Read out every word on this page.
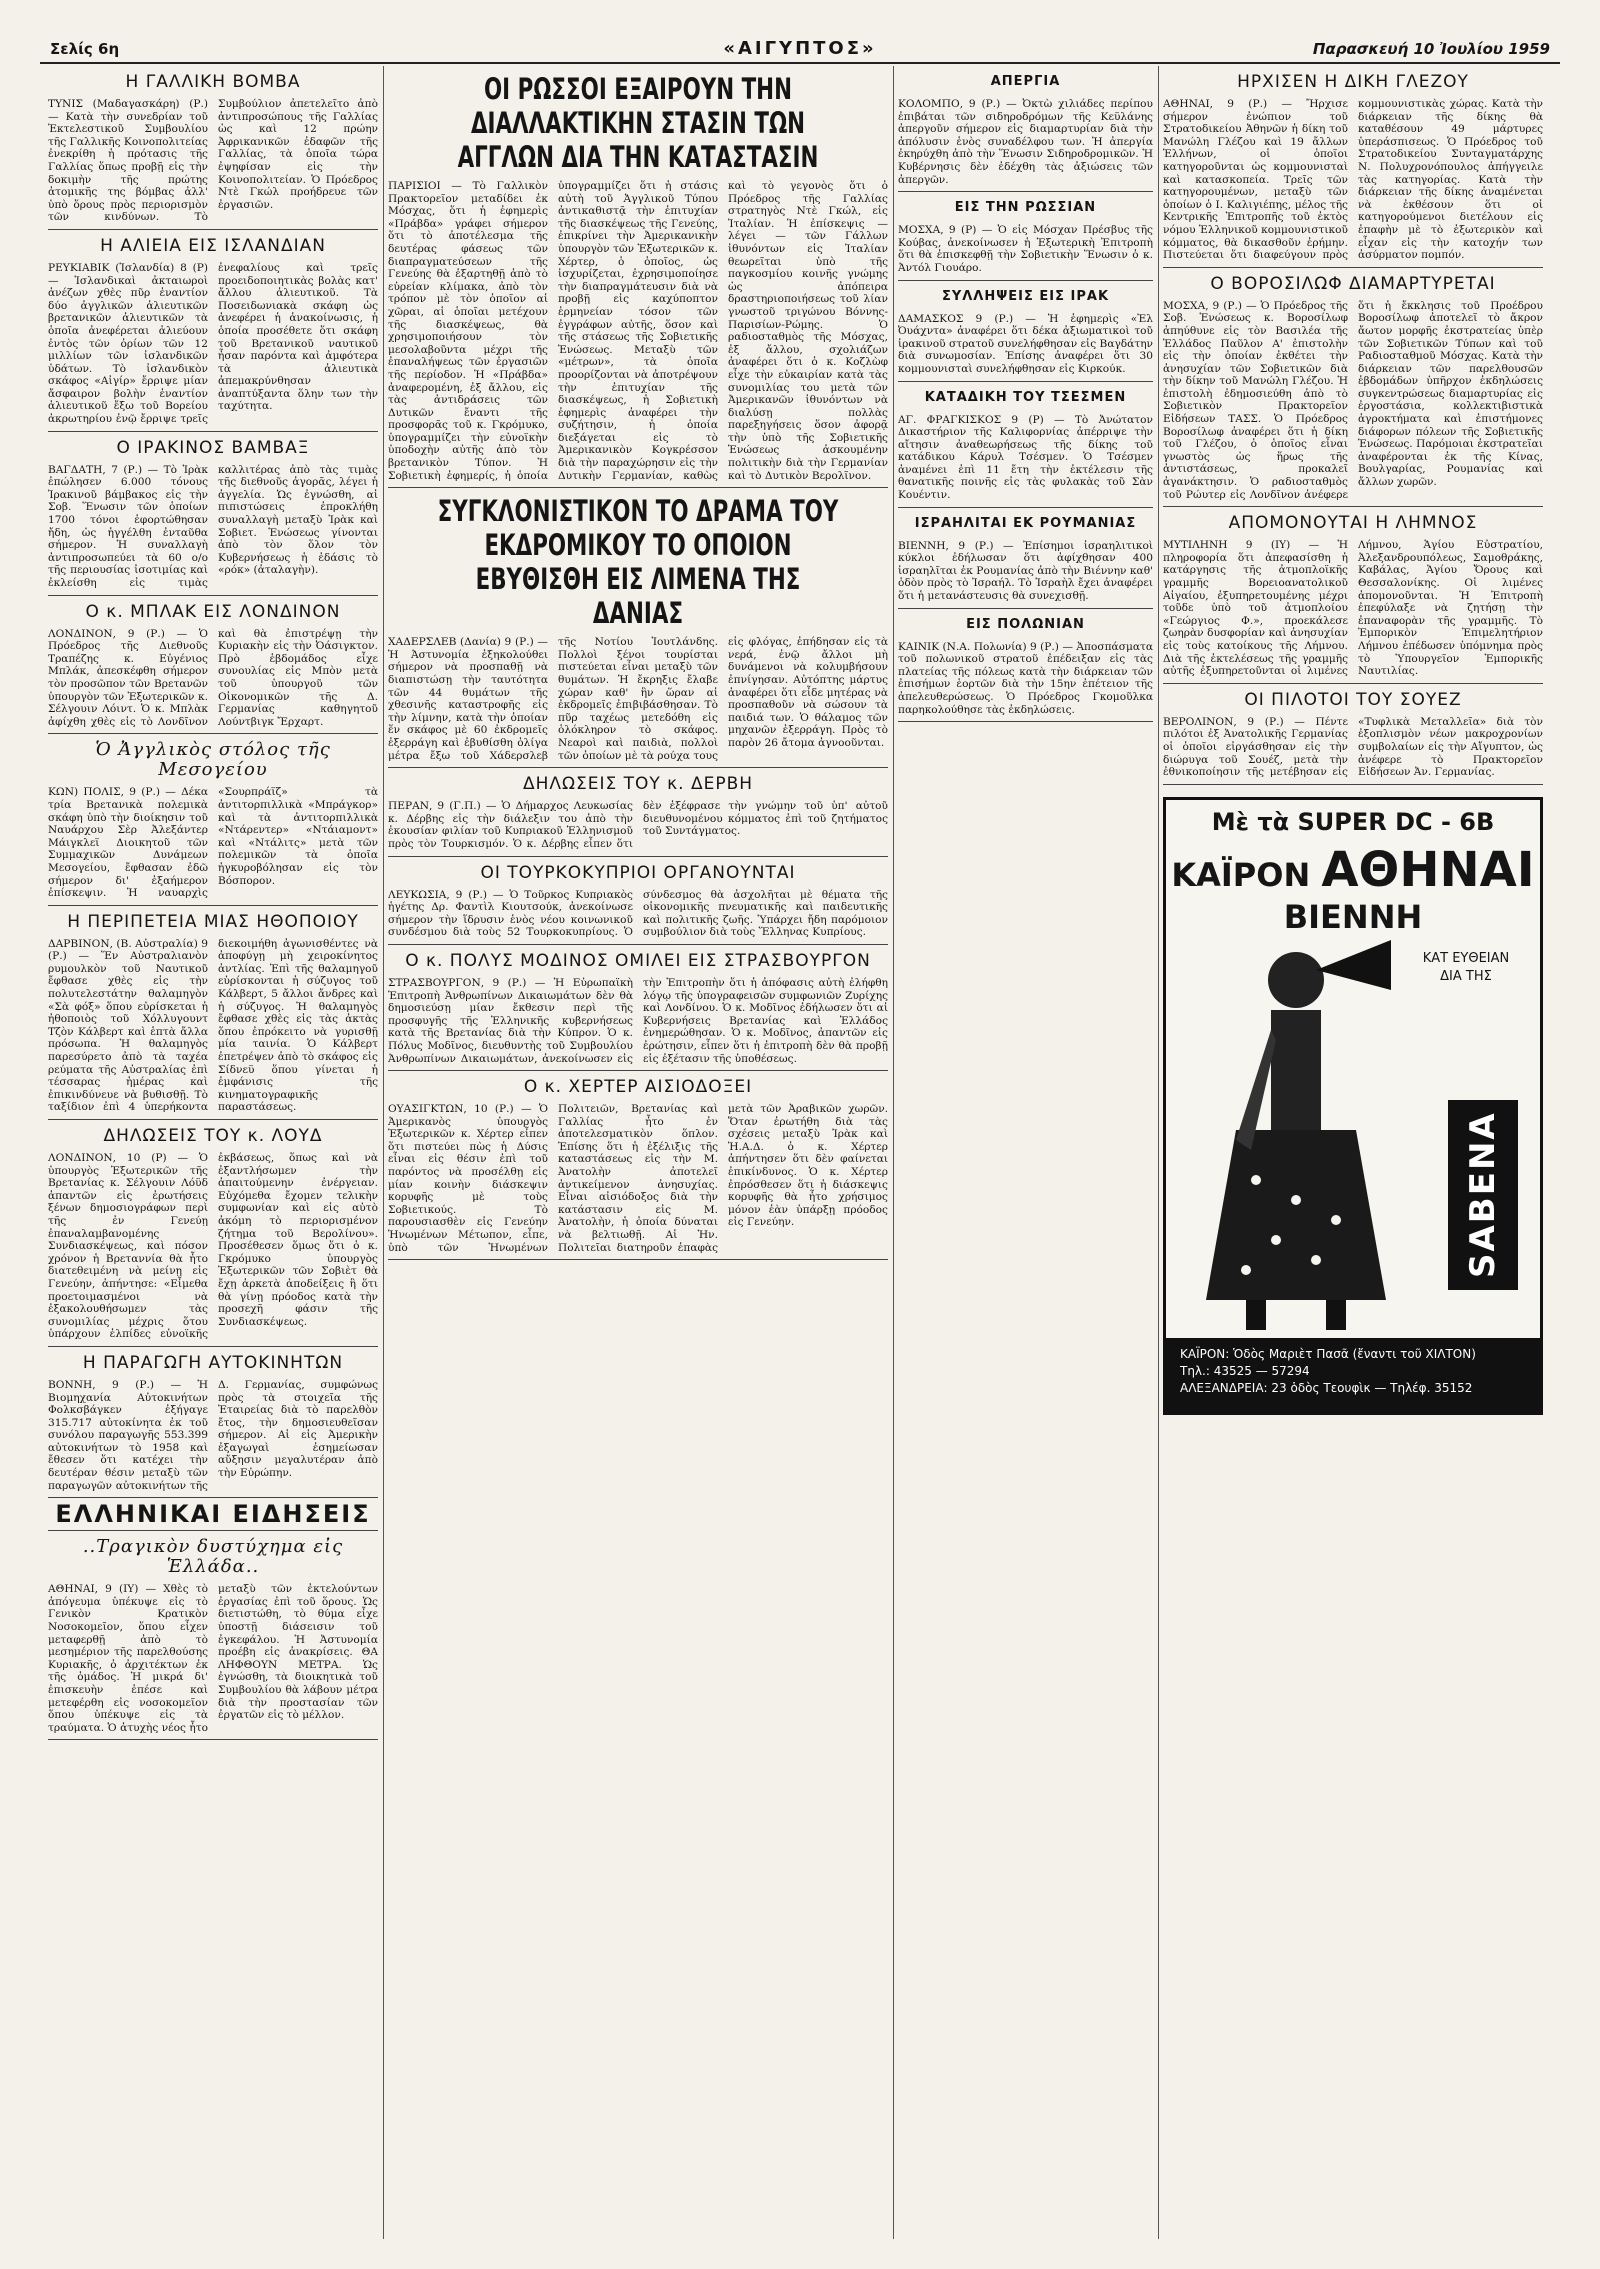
Σελίς 6η	«ΑΙΓΥΠΤΟΣ»	Παρασκευή 10 Ἰουλίου 1959
Η ΓΑΛΛΙΚΗ ΒΟΜΒΑ
ΤΥΝΙΣ (Μαδαγασκάρη) (Ρ.) — Κατὰ τὴν συνεδρίαν τοῦ Ἐκτελεστικοῦ Συμβουλίου τῆς Γαλλικῆς Κοινοπολιτείας ἐνεκρίθη ἡ πρότασις τῆς Γαλλίας ὅπως προβῇ εἰς τὴν δοκιμὴν τῆς πρώτης ἀτομικῆς της βόμβας ἀλλ' ὑπὸ ὅρους πρὸς περιορισμὸν τῶν κινδύνων. Τὸ Συμβούλιον ἀπετελεῖτο ἀπὸ ἀντιπροσώπους τῆς Γαλλίας ὡς καὶ 12 πρώην Ἀφρικανικῶν ἐδαφῶν τῆς Γαλλίας, τὰ ὁποῖα τώρα ἐψηφίσαν εἰς τὴν Κοινοπολιτείαν. Ὁ Πρόεδρος Ντὲ Γκώλ προήδρευε τῶν ἐργασιῶν.
Η ΑΛΙΕΙΑ ΕΙΣ ΙΣΛΑΝΔΙΑΝ
ΡΕΥΚΙΑΒΙΚ (Ἰσλανδία) 8 (Ρ) — Ἰσλανδικαὶ ἀκταιωροὶ ἀνέζων χθὲς πῦρ ἐναντίον δύο ἀγγλικῶν ἁλιευτικῶν βρετανικῶν ἁλιευτικῶν τὰ ὁποῖα ἀνεφέρεται ἁλιεύουν ἐντὸς τῶν ὁρίων τῶν 12 μιλλίων τῶν ἰσλανδικῶν ὑδάτων. Τὸ ἰσλανδικὸν σκάφος «Αἰγίρ» ἔρριψε μίαν ἄσφαιρον βολὴν ἐναντίον ἁλιευτικοῦ ἔξω τοῦ Βορείου ἀκρωτηρίου ἐνῷ ἔρριψε τρεῖς ἐνεφαλίους καὶ τρεῖς προειδοποιητικὰς βολὰς κατ' ἄλλου ἁλιευτικοῦ. Τὰ Ποσειδωνιακὰ σκάφη ὡς ἀνεφέρει ἡ ἀνακοίνωσις, ἡ ὁποία προσέθετε ὅτι σκάφη τοῦ Βρετανικοῦ ναυτικοῦ ἦσαν παρόντα καὶ ἀμφότερα τὰ ἁλιευτικὰ ἀπεμακρύνθησαν ἀναπτύξαντα ὅλην των τὴν ταχύτητα.
Ο ΙΡΑΚΙΝΟΣ ΒΑΜΒΑΞ
ΒΑΓΔΑΤΗ, 7 (Ρ.) — Τὸ Ἰρὰκ ἐπώλησεν 6.000 τόνους Ἰρακινοῦ βάμβακος εἰς τὴν Σοβ. Ἕνωσιν τῶν ὁποίων 1700 τόνοι ἐφορτώθησαν ἤδη, ὡς ἡγγέλθη ἐνταῦθα σήμερον. Ἡ συναλλαγὴ ἀντιπροσωπεύει τὰ 60 ο/ο τῆς περιουσίας ἰσοτιμίας καὶ ἐκλείσθη εἰς τιμὰς καλλιτέρας ἀπὸ τὰς τιμὰς τῆς διεθνοῦς ἀγορᾶς, λέγει ἡ ἀγγελία. Ὡς ἐγνώσθη, αἱ πιπιστώσεις ἐπροκλήθη συναλλαγὴ μεταξὺ Ἰρὰκ καὶ Σοβιετ. Ἑνώσεως γίνονται ἀπὸ τὸν ὅλον τὸν Κυβερνήσεως ἡ ἐδάσις τὸ «ρόκ» (ἀταλαγὴν).
Ο κ. ΜΠΛΑΚ ΕΙΣ ΛΟΝΔΙΝΟΝ
ΛΟΝΔΙΝΟΝ, 9 (Ρ.) — Ὁ Πρόεδρος τῆς Διεθνοῦς Τραπέζης κ. Εὐγένιος Μπλάκ, ἀπεσκέφθη σήμερον τὸν προσῶπον τῶν Βρετανῶν ὑπουργὸν τῶν Ἐξωτερικῶν κ. Σέλγουιν Λόιντ. Ὁ κ. Μπλὰκ ἀφίχθη χθὲς εἰς τὸ Λονδῖνον καὶ θὰ ἐπιστρέψῃ τὴν Κυριακὴν εἰς τὴν Ὀάσιγκτον. Πρὸ ἑβδομάδος εἶχε συνουλίας εἰς Μπὸν μετὰ τοῦ ὑπουργοῦ τῶν Οἰκονομικῶν τῆς Δ. Γερμανίας καθηγητοῦ Λούντβιγκ Ἔρχαρτ.
Ὁ Ἀγγλικὸς στόλος τῆς Μεσογείου
ΚΩΝ) ΠΟΛΙΣ, 9 (Ρ.) — Δέκα τρία Βρετανικὰ πολεμικὰ σκάφη ὑπὸ τὴν διοίκησιν τοῦ Ναυάρχου Σὲρ Ἀλεξάντερ Μάιγκλεϊ Διοικητοῦ τῶν Συμμαχικῶν Δυνάμεων Μεσογείου, ἔφθασαν ἐδῶ σήμερον δι' ἐξαήμερον ἐπίσκεψιν. Ἡ ναυαρχὶς «Σουρπράϊζ» τὰ ἀντιτορπιλλικὰ «Μπράγκορ» καὶ τὰ ἀντιτορπιλλικὰ «Ντάρεντερ» «Ντάιαμοντ» καὶ «Ντάλιτς» μετὰ τῶν πολεμικῶν τὰ ὁποῖα ἠγκυροβόλησαν εἰς τὸν Βόσπορον.
Η ΠΕΡΙΠΕΤΕΙΑ ΜΙΑΣ ΗΘΟΠΟΙΟΥ
ΔΑΡΒΙΝΟΝ, (Β. Αὐστραλία) 9 (Ρ.) — Ἕν Αὐστραλιανὸν ρυμουλκὸν τοῦ Ναυτικοῦ ἔφθασε χθὲς εἰς τὴν πολυτελεστάτην θαλαμηγὸν «Σὰ φόξ» ὅπου εὑρίσκεται ἡ ἠθοποιὸς τοῦ Χόλλυγουντ Τζὸν Κάλβερτ καὶ ἑπτὰ ἄλλα πρόσωπα. Ἡ θαλαμηγὸς παρεσύρετο ἀπὸ τὰ ταχέα ρεύματα τῆς Αὐστραλίας ἐπὶ τέσσαρας ἡμέρας καὶ ἐπικινδύνευε νὰ βυθισθῇ. Τὸ ταξίδιον ἐπὶ 4 ὑπερήκοντα διεκοιμήθη ἀγωνισθέντες νὰ ἀποφύγῃ μὴ χειροκίνητος ἀντλίας. Ἐπὶ τῆς θαλαμηγοῦ εὑρίσκονται ἡ σύζυγος τοῦ Κάλβερτ, 5 ἄλλοι ἄνδρες καὶ ἡ σύζυγος. Ἡ θαλαμηγὸς ἔφθασε χθὲς εἰς τὰς ἀκτὰς ὅπου ἐπρόκειτο νὰ γυρισθῇ μία ταινία. Ὁ Κάλβερτ ἐπετρέψεν ἀπὸ τὸ σκάφος εἰς Σίδνεϋ ὅπου γίνεται ἡ ἐμφάνισις τῆς κινηματογραφικῆς παραστάσεως.
ΔΗΛΩΣΕΙΣ ΤΟΥ κ. ΛΟΥΔ
ΛΟΝΔΙΝΟΝ, 10 (Ρ) — Ὁ ὑπουργὸς Ἐξωτερικῶν τῆς Βρετανίας κ. Σέλγουιν Λόϋδ ἀπαντῶν εἰς ἐρωτήσεις ξένων δημοσιογράφων περὶ τῆς ἐν Γενεύῃ ἐπαναλαμβανομένης Συνδιασκέψεως, καὶ πόσον χρόνον ἡ Βρεταννία θὰ ἦτο διατεθειμένη νὰ μείνῃ εἰς Γενεύην, ἀπήντησε: «Εἶμεθα προετοιμασμένοι νὰ ἐξακολουθήσωμεν τὰς συνομιλίας μέχρις ὅτου ὑπάρχουν ἐλπίδες εὐνοϊκῆς ἐκβάσεως, ὅπως καὶ νὰ ἐξαντλήσωμεν τὴν ἀπαιτούμενην ἐνέργειαν. Εὐχόμεθα ἔχομεν τελικὴν συμφωνίαν καὶ εἰς αὐτὸ ἀκόμη τὸ περιορισμένον ζήτημα τοῦ Βερολίνου». Προσέθεσεν ὅμως ὅτι ὁ κ. Γκρόμυκο ὑπουργὸς Ἐξωτερικῶν τῶν Σοβιὲτ θὰ ἔχῃ ἀρκετὰ ἀποδείξεις ἢ ὅτι θὰ γίνῃ πρόοδος κατὰ τὴν προσεχῆ φάσιν τῆς Συνδιασκέψεως.
Η ΠΑΡΑΓΩΓΗ ΑΥΤΟΚΙΝΗΤΩΝ
ΒΟΝΝΗ, 9 (Ρ.) — Ἡ Βιομηχανία Αὐτοκινήτων Φολκσβάγκεν ἐξήγαγε 315.717 αὐτοκίνητα ἐκ τοῦ συνόλου παραγωγῆς 553.399 αὐτοκινήτων τὸ 1958 καὶ ἔθεσεν ὅτι κατέχει τὴν δευτέραν θέσιν μεταξὺ τῶν παραγωγῶν αὐτοκινήτων τῆς Δ. Γερμανίας, συμφώνως πρὸς τὰ στοιχεῖα τῆς Ἐταιρείας διὰ τὸ παρελθὸν ἔτος, τὴν δημοσιευθεῖσαν σήμερον. Αἱ εἰς Ἀμερικὴν ἐξαγωγαὶ ἐσημείωσαν αὔξησιν μεγαλυτέραν ἀπὸ τὴν Εὐρώπην.
ΕΛΛΗΝΙΚΑΙ ΕΙΔΗΣΕΙΣ
..Τραγικὸν δυστύχημα εἰς Ἑλλάδα..
ΑΘΗΝΑΙ, 9 (ΙΥ) — Χθὲς τὸ ἀπόγευμα ὑπέκυψε εἰς τὸ Γενικὸν Κρατικὸν Νοσοκομεῖον, ὅπου εἶχεν μεταφερθῇ ἀπὸ τὸ μεσημέριον τῆς παρελθούσης Κυριακῆς, ὁ ἀρχιτέκτων ἐκ τῆς ὁμάδος. Ἡ μικρά δι' ἐπισκευὴν ἐπέσε καὶ μετεφέρθη εἰς νοσοκομεῖον ὅπου ὑπέκυψε εἰς τὰ τραύματα. Ὁ ἀτυχὴς νέος ἦτο μεταξὺ τῶν ἐκτελούντων ἐργασίας ἐπὶ τοῦ ὅρους. Ὡς διετιστώθη, τὸ θύμα εἶχε ὑποστῇ διάσεισιν τοῦ ἐγκεφάλου. Ἡ Ἀστυνομία προέβη εἰς ἀνακρίσεις. ΘΑ ΛΗΦΘΟΥΝ ΜΕΤΡΑ. Ὡς ἐγνώσθη, τὰ διοικητικὰ τοῦ Συμβουλίου θὰ λάβουν μέτρα διὰ τὴν προστασίαν τῶν ἐργατῶν εἰς τὸ μέλλον.
ΟΙ ΡΩΣΣΟΙ ΕΞΑΙΡΟΥΝ ΤΗΝ ΔΙΑΛΛΑΚΤΙΚΗΝ ΣΤΑΣΙΝ ΤΩΝ ΑΓΓΛΩΝ ΔΙΑ ΤΗΝ ΚΑΤΑΣΤΑΣΙΝ
ΠΑΡΙΣΙΟΙ — Τὸ Γαλλικὸν Πρακτορεῖον μεταδίδει ἐκ Μόσχας, ὅτι ἡ ἐφημερὶς «Πράβδα» γράφει σήμερον ὅτι τὸ ἀποτέλεσμα τῆς δευτέρας φάσεως τῶν διαπραγματεύσεων τῆς Γενεύης θὰ ἐξαρτηθῇ ἀπὸ τὸ εὐρείαν κλίμακα, ἀπὸ τὸν τρόπον μὲ τὸν ὁποῖον αἱ χῶραι, αἱ ὁποῖαι μετέχουν τῆς διασκέψεως, θὰ χρησιμοποιήσουν τὸν μεσολαβοῦντα μέχρι τῆς ἐπαναλήψεως τῶν ἐργασιῶν τῆς περίοδον. Ἡ «Πράβδα» ἀναφερομένη, ἐξ ἄλλου, εἰς τὰς ἀντιδράσεις τῶν Δυτικῶν ἔναντι τῆς προσφορᾶς τοῦ κ. Γκρόμυκο, ὑπογραμμίζει τὴν εὐνοϊκὴν ὑποδοχὴν αὐτῆς ἀπὸ τὸν βρετανικὸν Τύπον. Ἡ Σοβιετικὴ ἐφημερίς, ἡ ὁποία ὑπογραμμίζει ὅτι ἡ στάσις αὐτὴ τοῦ Ἀγγλικοῦ Τύπου ἀντικαθιστᾷ τὴν ἐπιτυχίαν τῆς διασκέψεως τῆς Γενεύης, ἐπικρίνει τὴν Ἀμερικανικὴν ὑπουργὸν τῶν Ἐξωτερικῶν κ. Χέρτερ, ὁ ὁποῖος, ὡς ἰσχυρίζεται, ἐχρησιμοποίησε τὴν διαπραγμάτευσιν διὰ νὰ προβῇ εἰς καχύποπτον ἑρμηνείαν τόσον τῶν ἐγγράφων αὐτῆς, ὅσον καὶ τῆς στάσεως τῆς Σοβιετικῆς Ἑνώσεως. Μεταξὺ τῶν «μέτρων», τὰ ὁποῖα προορίζονται νὰ ἀποτρέψουν τὴν ἐπιτυχίαν τῆς διασκέψεως, ἡ Σοβιετικὴ ἐφημερὶς ἀναφέρει τὴν συζήτησιν, ἡ ὁποία διεξάγεται εἰς τὸ Ἀμερικανικὸν Κογκρέσσον διὰ τὴν παραχώρησιν εἰς τὴν Δυτικὴν Γερμανίαν, καθὼς καὶ τὸ γεγονὸς ὅτι ὁ Πρόεδρος τῆς Γαλλίας στρατηγὸς Ντὲ Γκώλ, εἰς Ἰταλίαν. Ἡ ἐπίσκεψις — λέγει — τῶν Γάλλων ἰθυνόντων εἰς Ἰταλίαν θεωρεῖται ὑπὸ τῆς παγκοσμίου κοινῆς γνώμης ὡς ἀπόπειρα δραστηριοποιήσεως τοῦ λίαν γνωστοῦ τριγώνου Βόννης-Παρισίων-Ρώμης. Ὁ ραδιοσταθμὸς τῆς Μόσχας, ἐξ ἄλλου, σχολιάζων ἀναφέρει ὅτι ὁ κ. Κοζλὼφ εἶχε τὴν εὐκαιρίαν κατὰ τὰς συνομιλίας του μετὰ τῶν Ἀμερικανῶν ἰθυνόντων νὰ διαλύσῃ πολλὰς παρεξηγήσεις ὅσον ἀφορᾷ τὴν ὑπὸ τῆς Σοβιετικῆς Ἑνώσεως ἀσκουμένην πολιτικὴν διὰ τὴν Γερμανίαν καὶ τὸ Δυτικὸν Βερολῖνον.
ΣΥΓΚΛΟΝΙΣΤΙΚΟΝ ΤΟ ΔΡΑΜΑ ΤΟΥ ΕΚΔΡΟΜΙΚΟΥ ΤΟ ΟΠΟΙΟΝ ΕΒΥΘΙΣΘΗ ΕΙΣ ΛΙΜΕΝΑ ΤΗΣ ΔΑΝΙΑΣ
ΧΑΔΕΡΣΛΕΒ (Δανία) 9 (Ρ.) — Ἡ Ἀστυνομία ἐξηκολούθει σήμερον νὰ προσπαθῇ νὰ διαπιστώσῃ τὴν ταυτότητα τῶν 44 θυμάτων τῆς χθεσινῆς καταστροφῆς εἰς τὴν λίμνην, κατὰ τὴν ὁποίαν ἕν σκάφος μὲ 60 ἐκδρομεῖς ἐξερράγη καὶ ἐβυθίσθη ὀλίγα μέτρα ἔξω τοῦ Χάδερσλεβ τῆς Νοτίου Ἰουτλάνδης. Πολλοὶ ξένοι τουρίσται πιστεύεται εἶναι μεταξὺ τῶν θυμάτων. Ἡ ἔκρηξις ἔλαβε χώραν καθ' ἣν ὥραν αἱ ἐκδρομεῖς ἐπιβιβάσθησαν. Τὸ πῦρ ταχέως μετεδόθη εἰς ὁλόκληρον τὸ σκάφος. Νεαροὶ καὶ παιδιὰ, πολλοὶ τῶν ὁποίων μὲ τὰ ρούχα τους εἰς φλόγας, ἐπήδησαν εἰς τὰ νερά, ἐνῷ ἄλλοι μὴ δυνάμενοι νὰ κολυμβήσουν ἐπνίγησαν. Αὐτόπτης μάρτυς ἀναφέρει ὅτι εἶδε μητέρας νὰ προσπαθοῦν νὰ σώσουν τὰ παιδιά των. Ὁ θάλαμος τῶν μηχανῶν ἐξερράγη. Πρὸς τὸ παρὸν 26 ἄτομα ἀγνοοῦνται.
ΔΗΛΩΣΕΙΣ ΤΟΥ κ. ΔΕΡΒΗ
ΠΕΡΑΝ, 9 (Γ.Π.) — Ὁ Δήμαρχος Λευκωσίας κ. Δέρβης εἰς τὴν διάλεξιν του ἀπὸ τὴν ἑκουσίαν φιλίαν τοῦ Κυπριακοῦ Ἑλληνισμοῦ πρὸς τὸν Τουρκισμόν. Ὁ κ. Δέρβης εἶπεν ὅτι δὲν ἐξέφρασε τὴν γνώμην τοῦ ὑπ' αὐτοῦ διευθυνομένου κόμματος ἐπὶ τοῦ ζητήματος τοῦ Συντάγματος.
ΟΙ ΤΟΥΡΚΟΚΥΠΡΙΟΙ ΟΡΓΑΝΟΥΝΤΑΙ
ΛΕΥΚΩΣΙΑ, 9 (Ρ.) — Ὁ Τοῦρκος Κυπριακὸς ἡγέτης Δρ. Φαντὶλ Κιουτσούκ, ἀνεκοίνωσε σήμερον τὴν ἵδρυσιν ἑνὸς νέου κοινωνικοῦ συνδέσμου διὰ τοὺς 52 Τουρκοκυπρίους. Ὁ σύνδεσμος θὰ ἀσχολῆται μὲ θέματα τῆς οἰκονομικῆς πνευματικῆς καὶ παιδευτικῆς καὶ πολιτικῆς ζωῆς. Ὑπάρχει ἤδη παρόμοιον συμβούλιον διὰ τοὺς Ἕλληνας Κυπρίους.
Ο κ. ΠΟΛΥΣ ΜΟΔΙΝΟΣ ΟΜΙΛΕΙ ΕΙΣ ΣΤΡΑΣΒΟΥΡΓΟΝ
ΣΤΡΑΣΒΟΥΡΓΟΝ, 9 (Ρ.) — Ἡ Εὐρωπαϊκὴ Ἐπιτροπὴ Ἀνθρωπίνων Δικαιωμάτων δὲν θὰ δημοσιεύσῃ μίαν ἔκθεσιν περὶ τῆς προσφυγῆς τῆς Ἑλληνικῆς κυβερνήσεως κατὰ τῆς Βρετανίας διὰ τὴν Κύπρον. Ὁ κ. Πόλυς Μοδῖνος, διευθυντὴς τοῦ Συμβουλίου Ἀνθρωπίνων Δικαιωμάτων, ἀνεκοίνωσεν εἰς τὴν Ἐπιτροπὴν ὅτι ἡ ἀπόφασις αὐτὴ ἐλήφθη λόγῳ τῆς ὑπογραφεισῶν συμφωνιῶν Ζυρίχης καὶ Λονδίνου. Ὁ κ. Μοδῖνος ἐδήλωσεν ὅτι αἱ Κυβερνήσεις Βρετανίας καὶ Ἑλλάδος ἐνημερώθησαν. Ὁ κ. Μοδῖνος, ἀπαντῶν εἰς ἐρώτησιν, εἶπεν ὅτι ἡ ἐπιτροπὴ δὲν θὰ προβῇ εἰς ἐξέτασιν τῆς ὑποθέσεως.
Ο κ. ΧΕΡΤΕΡ ΑΙΣΙΟΔΟΞΕΙ
ΟΥΑΣΙΓΚΤΩΝ, 10 (Ρ.) — Ὁ Ἀμερικανὸς ὑπουργὸς Ἐξωτερικῶν κ. Χέρτερ εἶπεν ὅτι πιστεύει πὼς ἡ Δύσις εἶναι εἰς θέσιν ἐπὶ τοῦ παρόντος νὰ προσέλθῃ εἰς μίαν κοινὴν διάσκεψιν κορυφῆς μὲ τοὺς Σοβιετικούς. Τὸ παρουσιασθὲν εἰς Γενεύην Ἡνωμένων Μέτωπον, εἶπε, ὑπὸ τῶν Ἡνωμένων Πολιτειῶν, Βρετανίας καὶ Γαλλίας ἦτο ἐν ἀποτελεσματικὸν ὅπλον. Ἐπίσης ὅτι ἡ ἐξέλιξις τῆς καταστάσεως εἰς τὴν Μ. Ἀνατολὴν ἀποτελεῖ ἀντικείμενον ἀνησυχίας. Εἶναι αἰσιόδοξος διὰ τὴν κατάστασιν εἰς Μ. Ἀνατολὴν, ἡ ὁποία δύναται νὰ βελτιωθῇ. Αἱ Ἡν. Πολιτεῖαι διατηροῦν ἐπαφὰς μετὰ τῶν Ἀραβικῶν χωρῶν. Ὅταν ἐρωτήθη διὰ τὰς σχέσεις μεταξὺ Ἰρὰκ καὶ Ἡ.Α.Δ. ὁ κ. Χέρτερ ἀπήντησεν ὅτι δὲν φαίνεται ἐπικίνδυνος. Ὁ κ. Χέρτερ ἐπρόσθεσεν ὅτι ἡ διάσκεψις κορυφῆς θὰ ἦτο χρήσιμος μόνον ἐὰν ὑπάρξῃ πρόοδος εἰς Γενεύην.
ΑΠΕΡΓΙΑ
ΚΟΛΟΜΠΟ, 9 (Ρ.) — Ὀκτὼ χιλιάδες περίπου ἐπιβάται τῶν σιδηροδρόμων τῆς Κεϋλάνης ἀπεργοῦν σήμερον εἰς διαμαρτυρίαν διὰ τὴν ἀπόλυσιν ἑνὸς συναδέλφου των. Ἡ ἀπεργία ἐκηρύχθη ἀπὸ τὴν Ἕνωσιν Σιδηροδρομικῶν. Ἡ Κυβέρνησις δὲν ἐδέχθη τὰς ἀξιώσεις τῶν ἀπεργῶν.
ΕΙΣ ΤΗΝ ΡΩΣΣΙΑΝ
ΜΟΣΧΑ, 9 (Ρ) — Ὁ εἰς Μόσχαν Πρέσβυς τῆς Κούβας, ἀνεκοίνωσεν ἡ Ἐξωτερικὴ Ἐπιτροπὴ ὅτι θὰ ἐπισκεφθῇ τὴν Σοβιετικὴν Ἕνωσιν ὁ κ. Ἀντόλ Γιουάρο.
ΣΥΛΛΗΨΕΙΣ ΕΙΣ ΙΡΑΚ
ΔΑΜΑΣΚΟΣ 9 (Ρ.) — Ἡ ἐφημερὶς «Ἐλ Ὀυάχντα» ἀναφέρει ὅτι δέκα ἀξιωματικοὶ τοῦ ἰρακινοῦ στρατοῦ συνελήφθησαν εἰς Βαγδάτην διὰ συνωμοσίαν. Ἐπίσης ἀναφέρει ὅτι 30 κομμουνισταὶ συνελήφθησαν εἰς Κιρκούκ.
ΚΑΤΑΔΙΚΗ ΤΟΥ ΤΣΕΣΜΕΝ
ΑΓ. ΦΡΑΓΚΙΣΚΟΣ 9 (Ρ) — Τὸ Ἀνώτατον Δικαστήριον τῆς Καλιφορνίας ἀπέρριψε τὴν αἴτησιν ἀναθεωρήσεως τῆς δίκης τοῦ κατάδικου Κάρυλ Τσέσμεν. Ὁ Τσέσμεν ἀναμένει ἐπὶ 11 ἔτη τὴν ἐκτέλεσιν τῆς θανατικῆς ποινῆς εἰς τὰς φυλακὰς τοῦ Σὰν Κουέντιν.
ΙΣΡΑΗΛΙΤΑΙ ΕΚ ΡΟΥΜΑΝΙΑΣ
ΒΙΕΝΝΗ, 9 (Ρ.) — Ἐπίσημοι ἰσραηλιτικοὶ κύκλοι ἐδήλωσαν ὅτι ἀφίχθησαν 400 ἰσραηλῖται ἐκ Ρουμανίας ἀπὸ τὴν Βιέννην καθ' ὁδὸν πρὸς τὸ Ἰσραήλ. Τὸ Ἰσραὴλ ἔχει ἀναφέρει ὅτι ἡ μετανάστευσις θὰ συνεχισθῇ.
ΕΙΣ ΠΟΛΩΝΙΑΝ
ΚΑΙΝΙΚ (Ν.Α. Πολωνία) 9 (Ρ.) — Ἀποσπάσματα τοῦ πολωνικοῦ στρατοῦ ἐπέδειξαν εἰς τὰς πλατείας τῆς πόλεως κατὰ τὴν διάρκειαν τῶν ἐπισήμων ἑορτῶν διὰ τὴν 15ην ἐπέτειον τῆς ἀπελευθερώσεως. Ὁ Πρόεδρος Γκομοῦλκα παρηκολούθησε τὰς ἐκδηλώσεις.
ΗΡΧΙΣΕΝ Η ΔΙΚΗ ΓΛΕΖΟΥ
ΑΘΗΝΑΙ, 9 (Ρ.) — Ἤρχισε σήμερον ἐνώπιον τοῦ Στρατοδικείου Ἀθηνῶν ἡ δίκη τοῦ Μανώλη Γλέζου καὶ 19 ἄλλων Ἑλλήνων, οἱ ὁποῖοι κατηγοροῦνται ὡς κομμουνισταὶ καὶ κατασκοπεία. Τρεῖς τῶν κατηγορουμένων, μεταξὺ τῶν ὁποίων ὁ Ι. Καλιγιέπης, μέλος τῆς Κεντρικῆς Ἐπιτροπῆς τοῦ ἐκτὸς νόμου Ἑλληνικοῦ κομμουνιστικοῦ κόμματος, θὰ δικασθοῦν ἐρήμην. Πιστεύεται ὅτι διαφεύγουν πρὸς κομμουνιστικὰς χώρας. Κατὰ τὴν διάρκειαν τῆς δίκης θὰ καταθέσουν 49 μάρτυρες ὑπεράσπισεως. Ὁ Πρόεδρος τοῦ Στρατοδικείου Συνταγματάρχης Ν. Πολυχρονόπουλος ἀπήγγειλε τὰς κατηγορίας. Κατὰ τὴν διάρκειαν τῆς δίκης ἀναμένεται νὰ ἐκθέσουν ὅτι οἱ κατηγορούμενοι διετέλουν εἰς ἐπαφὴν μὲ τὸ ἐξωτερικὸν καὶ εἶχαν εἰς τὴν κατοχήν των ἀσύρματον πομπόν.
Ο ΒΟΡΟΣΙΛΩΦ ΔΙΑΜΑΡΤΥΡΕΤΑΙ
ΜΟΣΧΑ, 9 (Ρ.) — Ὁ Πρόεδρος τῆς Σοβ. Ἑνώσεως κ. Βοροσίλωφ ἀπηύθυνε εἰς τὸν Βασιλέα τῆς Ἑλλάδος Παῦλον Α' ἐπιστολὴν εἰς τὴν ὁποίαν ἐκθέτει τὴν ἀνησυχίαν τῶν Σοβιετικῶν διὰ τὴν δίκην τοῦ Μανώλη Γλέζου. Ἡ ἐπιστολὴ ἐδημοσιεύθη ἀπὸ τὸ Σοβιετικὸν Πρακτορεῖον Εἰδήσεων ΤΑΣΣ. Ὁ Πρόεδρος Βοροσίλωφ ἀναφέρει ὅτι ἡ δίκη τοῦ Γλέζου, ὁ ὁποῖος εἶναι γνωστὸς ὡς ἥρως τῆς ἀντιστάσεως, προκαλεῖ ἀγανάκτησιν. Ὁ ραδιοσταθμὸς τοῦ Ρώυτερ εἰς Λονδῖνον ἀνέφερε ὅτι ἡ ἔκκλησις τοῦ Προέδρου Βοροσίλωφ ἀποτελεῖ τὸ ἄκρον ἄωτον μορφῆς ἐκστρατείας ὑπὲρ τῶν Σοβιετικῶν Τύπων καὶ τοῦ Ραδιοσταθμοῦ Μόσχας. Κατὰ τὴν διάρκειαν τῶν παρελθουσῶν ἑβδομάδων ὑπῆρχον ἐκδηλώσεις συγκεντρώσεως διαμαρτυρίας εἰς ἐργοστάσια, κολλεκτιβιστικὰ ἀγροκτήματα καὶ ἐπιστήμονες διάφορων πόλεων τῆς Σοβιετικῆς Ἑνώσεως. Παρόμοιαι ἐκστρατεῖαι ἀναφέρονται ἐκ τῆς Κίνας, Βουλγαρίας, Ρουμανίας καὶ ἄλλων χωρῶν.
ΑΠΟΜΟΝΟΥΤΑΙ Η ΛΗΜΝΟΣ
ΜΥΤΙΛΗΝΗ 9 (ΙΥ) — Ἡ πληροφορία ὅτι ἀπεφασίσθη ἡ κατάργησις τῆς ἀτμοπλοϊκῆς γραμμῆς Βορειοανατολικοῦ Αἰγαίου, ἐξυπηρετουμένης μέχρι τοῦδε ὑπὸ τοῦ ἀτμοπλοίου «Γεώργιος Φ.», προεκάλεσε ζωηρὰν δυσφορίαν καὶ ἀνησυχίαν εἰς τοὺς κατοίκους τῆς Λήμνου. Διὰ τῆς ἐκτελέσεως τῆς γραμμῆς αὐτῆς ἐξυπηρετοῦνται οἱ λιμένες Λήμνου, Ἁγίου Εὐστρατίου, Ἀλεξανδρουπόλεως, Σαμοθράκης, Καβάλας, Ἁγίου Ὄρους καὶ Θεσσαλονίκης. Οἱ λιμένες ἀπομονοῦνται. Ἡ Ἐπιτροπὴ ἐπεφύλαξε νὰ ζητήσῃ τὴν ἐπαναφορὰν τῆς γραμμῆς. Τὸ Ἐμπορικὸν Ἐπιμελητήριον Λήμνου ἐπέδωσεν ὑπόμνημα πρὸς τὸ Ὑπουργεῖον Ἐμπορικῆς Ναυτιλίας.
ΟΙ ΠΙΛΟΤΟΙ ΤΟΥ ΣΟΥΕΖ
ΒΕΡΟΛΙΝΟΝ, 9 (Ρ.) — Πέντε πιλότοι ἐξ Ἀνατολικῆς Γερμανίας οἱ ὁποῖοι εἰργάσθησαν εἰς τὴν διώρυγα τοῦ Σουέζ, μετὰ τὴν ἐθνικοποίησιν τῆς μετέβησαν εἰς «Τυφλικὰ Μεταλλεῖα» διὰ τὸν ἐξοπλισμὸν νέων μακροχρονίων συμβολαίων εἰς τὴν Αἴγυπτον, ὡς ἀνέφερε τὸ Πρακτορεῖον Εἰδήσεων Ἀν. Γερμανίας.
Μὲ τὰ SUPER DC - 6B
ΚΑΪΡΟΝ ΑΘΗΝΑΙ ΒΙΕΝΝΗ
ΚΑΤ ΕΥΘΕΙΑΝ
ΔΙΑ ΤΗΣ
SABENA
ΚΑΪΡΟΝ: Ὁδὸς Μαριὲτ Πασᾶ (ἔναντι τοῦ ΧΙΛΤΟΝ)
Τηλ.: 43525 — 57294
ΑΛΕΞΑΝΔΡΕΙΑ: 23 ὁδὸς Τεουφὶκ — Τηλέφ. 35152
